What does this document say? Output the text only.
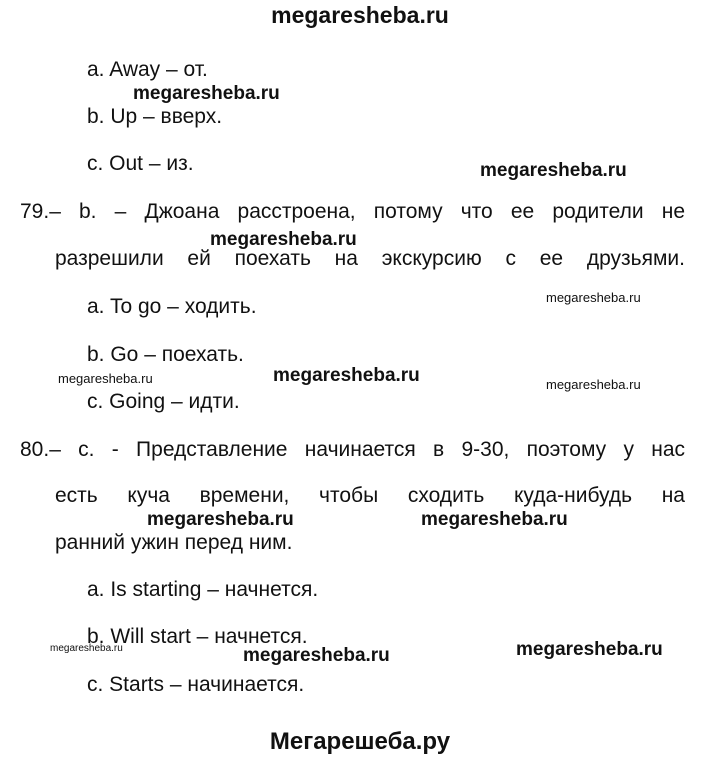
megaresheba.ru
a. Away – от.
b. Up – вверх.
c. Out – из.
79.– b. – Джоана расстроена, потому что ее родители не
разрешили ей поехать на экскурсию с ее друзьями.
a. To go – ходить.
b. Go – поехать.
c. Going – идти.
80.– c. - Представление начинается в 9-30, поэтому у нас
есть куча времени, чтобы сходить куда-нибудь на
ранний ужин перед ним.
a. Is starting – начнется.
b. Will start – начнется.
c. Starts – начинается.
megaresheba.ru
megaresheba.ru
megaresheba.ru
megaresheba.ru
megaresheba.ru
megaresheba.ru	megaresheba.ru
megaresheba.ru	megaresheba.ru
megaresheba.ru	megaresheba.ru	megaresheba.ru
Мегарешеба.ру
